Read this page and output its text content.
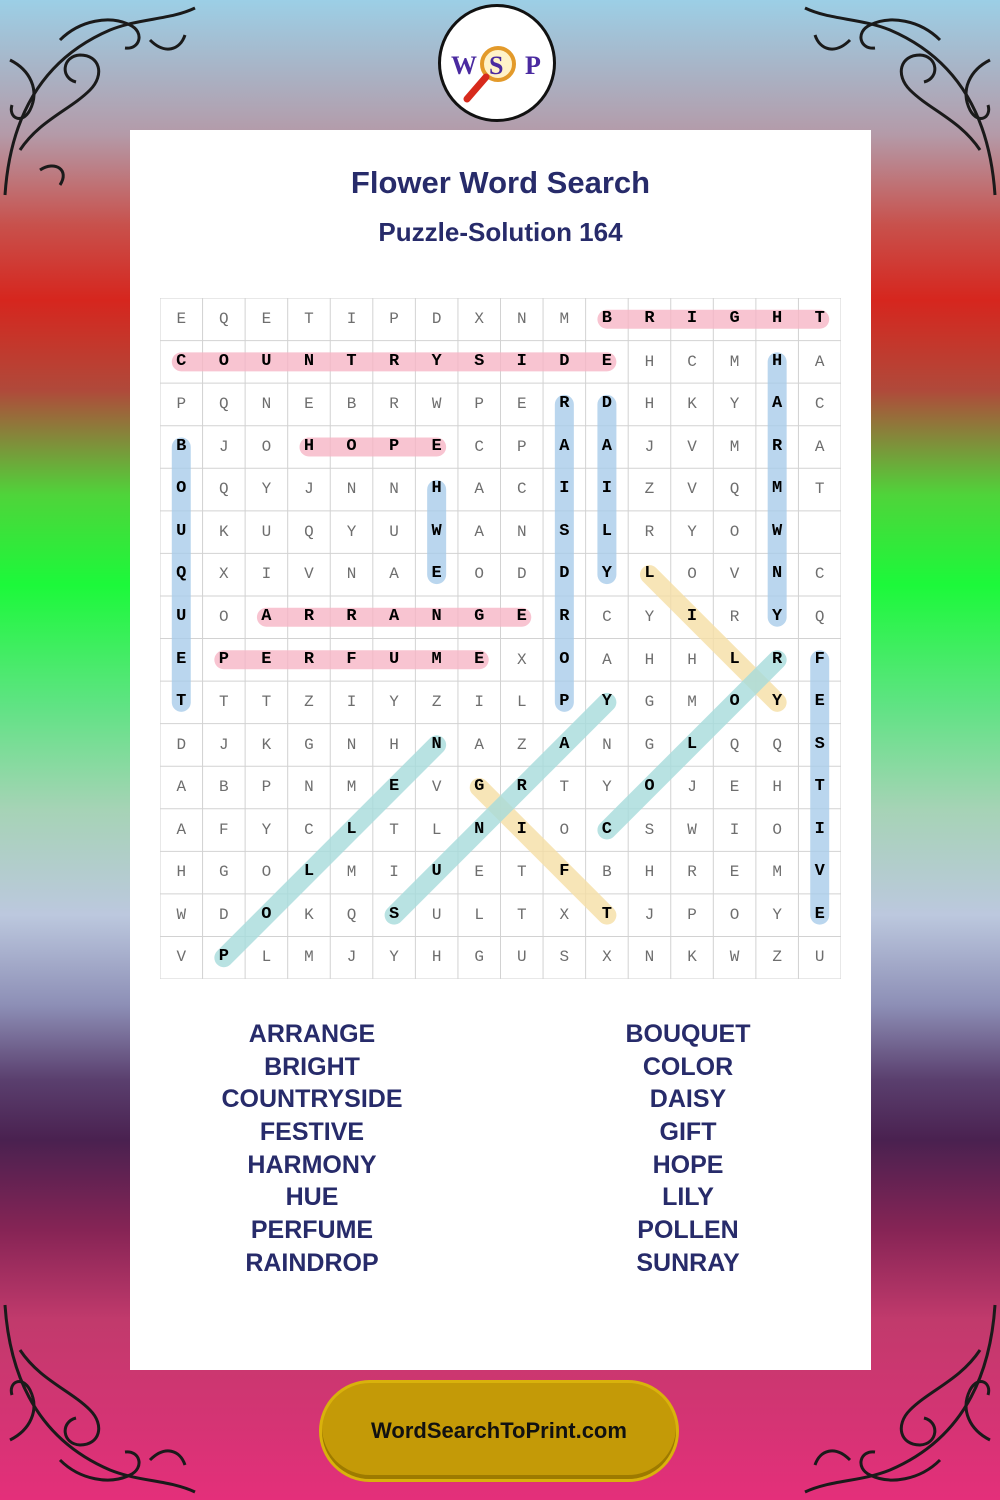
W S P
Flower Word Search
Puzzle-Solution 164
E	Q	E	T	I	P	D	X	N	M	B	R	I	G	H	T
C	O	U	N	T	R	Y	S	I	D	E	H	C	M	H	A
P	Q	N	E	B	R	W	P	E	R	D	H	K	Y	A	C
B	J	O	H	O	P	E	C	P	A	A	J	V	M	R	A
O	Q	Y	J	N	N	H	A	C	I	I	Z	V	Q	M	T
U	K	U	Q	Y	U	W	A	N	S	L	R	Y	O	W
Q	X	I	V	N	A	E	O	D	D	Y	L	O	V	N	C
U	O	A	R	R	A	N	G	E	R	C	Y	I	R	Y	Q
E	P	E	R	F	U	M	E	X	O	A	H	H	L	R	F
T	T	T	Z	I	Y	Z	I	L	P	Y	G	M	O	Y	E
D	J	K	G	N	H	N	A	Z	A	N	G	L	Q	Q	S
A	B	P	N	M	E	V	G	R	T	Y	O	J	E	H	T
A	F	Y	C	L	T	L	N	I	O	C	S	W	I	O	I
H	G	O	L	M	I	U	E	T	F	B	H	R	E	M	V
W	D	O	K	Q	S	U	L	T	X	T	J	P	O	Y	E
V	P	L	M	J	Y	H	G	U	S	X	N	K	W	Z	U
ARRANGE
BRIGHT
COUNTRYSIDE
FESTIVE
HARMONY
HUE
PERFUME
RAINDROP
BOUQUET
COLOR
DAISY
GIFT
HOPE
LILY
POLLEN
SUNRAY
WordSearchToPrint.com
